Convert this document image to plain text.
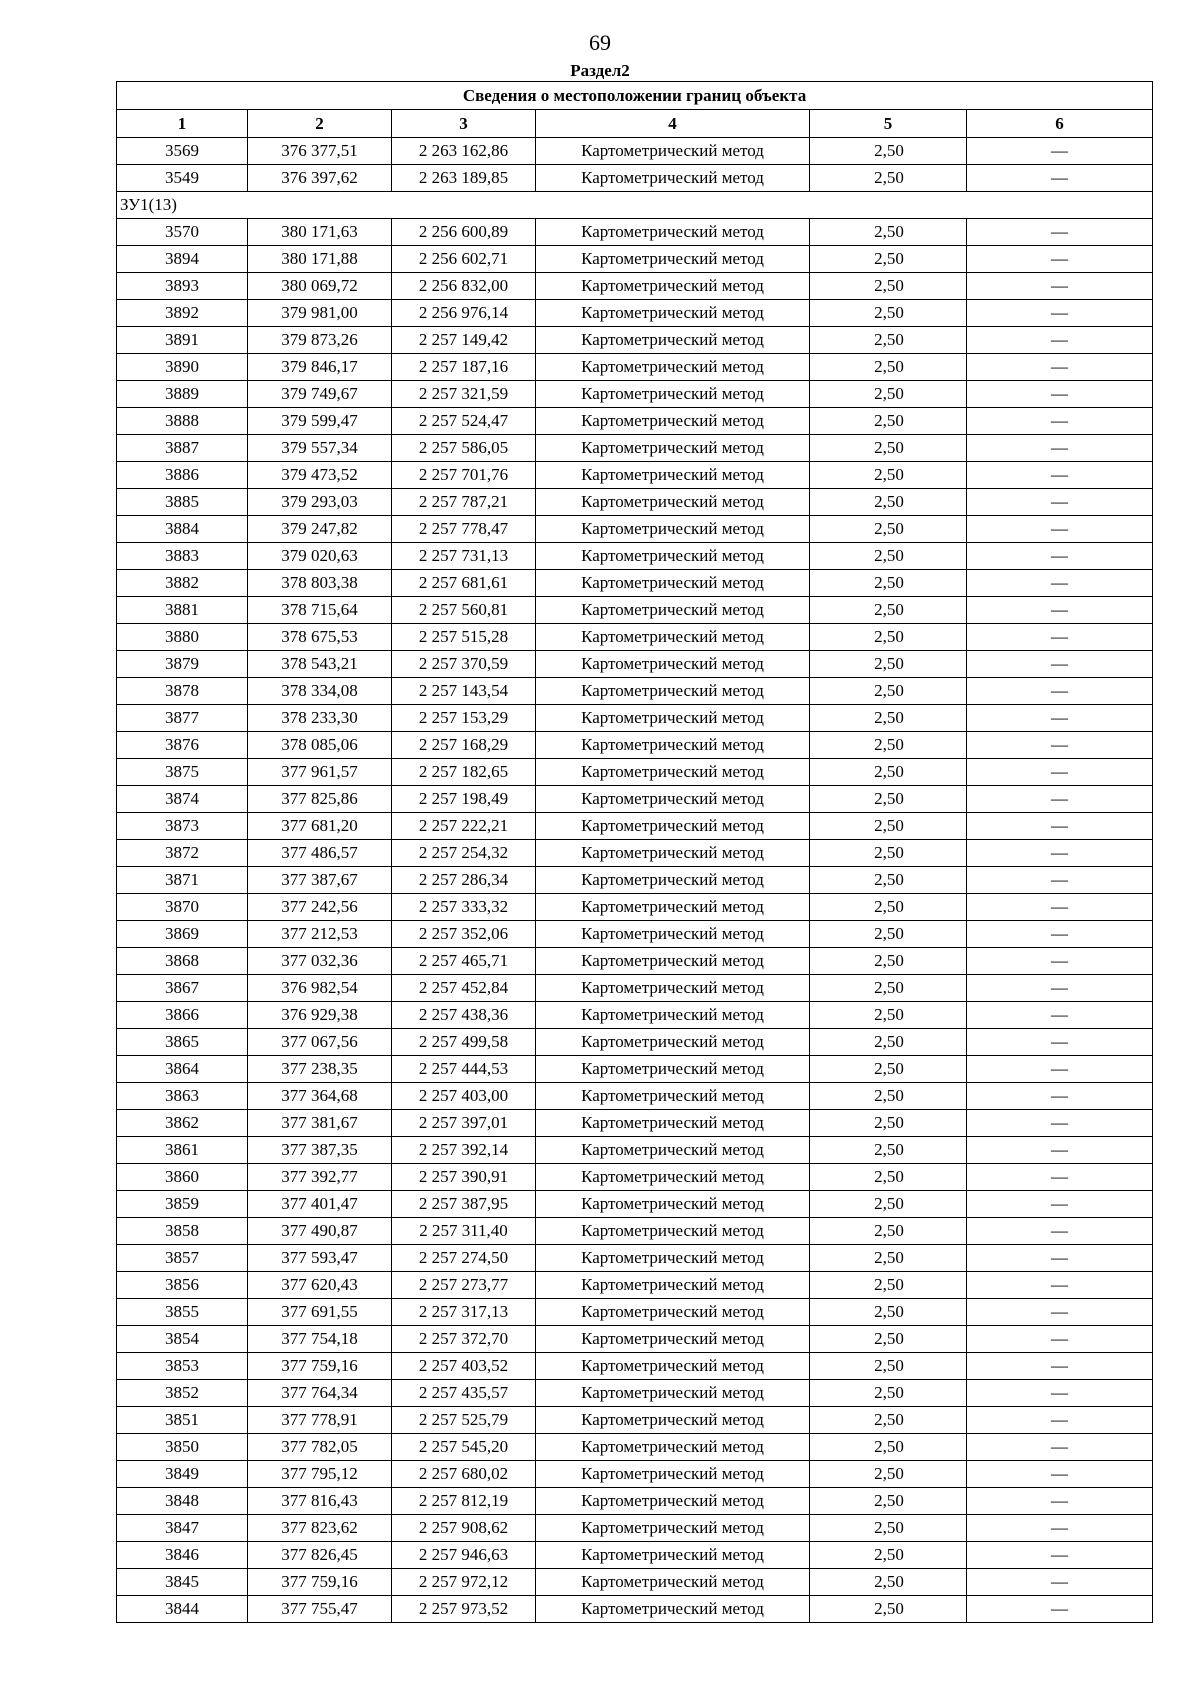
69
Раздел2
Сведения о местоположении границ объекта					
1	2	3	4	5	6
3569	376 377,51	2 263 162,86	Картометрический метод	2,50	—
3549	376 397,62	2 263 189,85	Картометрический метод	2,50	—
ЗУ1(13)					
3570	380 171,63	2 256 600,89	Картометрический метод	2,50	—
3894	380 171,88	2 256 602,71	Картометрический метод	2,50	—
3893	380 069,72	2 256 832,00	Картометрический метод	2,50	—
3892	379 981,00	2 256 976,14	Картометрический метод	2,50	—
3891	379 873,26	2 257 149,42	Картометрический метод	2,50	—
3890	379 846,17	2 257 187,16	Картометрический метод	2,50	—
3889	379 749,67	2 257 321,59	Картометрический метод	2,50	—
3888	379 599,47	2 257 524,47	Картометрический метод	2,50	—
3887	379 557,34	2 257 586,05	Картометрический метод	2,50	—
3886	379 473,52	2 257 701,76	Картометрический метод	2,50	—
3885	379 293,03	2 257 787,21	Картометрический метод	2,50	—
3884	379 247,82	2 257 778,47	Картометрический метод	2,50	—
3883	379 020,63	2 257 731,13	Картометрический метод	2,50	—
3882	378 803,38	2 257 681,61	Картометрический метод	2,50	—
3881	378 715,64	2 257 560,81	Картометрический метод	2,50	—
3880	378 675,53	2 257 515,28	Картометрический метод	2,50	—
3879	378 543,21	2 257 370,59	Картометрический метод	2,50	—
3878	378 334,08	2 257 143,54	Картометрический метод	2,50	—
3877	378 233,30	2 257 153,29	Картометрический метод	2,50	—
3876	378 085,06	2 257 168,29	Картометрический метод	2,50	—
3875	377 961,57	2 257 182,65	Картометрический метод	2,50	—
3874	377 825,86	2 257 198,49	Картометрический метод	2,50	—
3873	377 681,20	2 257 222,21	Картометрический метод	2,50	—
3872	377 486,57	2 257 254,32	Картометрический метод	2,50	—
3871	377 387,67	2 257 286,34	Картометрический метод	2,50	—
3870	377 242,56	2 257 333,32	Картометрический метод	2,50	—
3869	377 212,53	2 257 352,06	Картометрический метод	2,50	—
3868	377 032,36	2 257 465,71	Картометрический метод	2,50	—
3867	376 982,54	2 257 452,84	Картометрический метод	2,50	—
3866	376 929,38	2 257 438,36	Картометрический метод	2,50	—
3865	377 067,56	2 257 499,58	Картометрический метод	2,50	—
3864	377 238,35	2 257 444,53	Картометрический метод	2,50	—
3863	377 364,68	2 257 403,00	Картометрический метод	2,50	—
3862	377 381,67	2 257 397,01	Картометрический метод	2,50	—
3861	377 387,35	2 257 392,14	Картометрический метод	2,50	—
3860	377 392,77	2 257 390,91	Картометрический метод	2,50	—
3859	377 401,47	2 257 387,95	Картометрический метод	2,50	—
3858	377 490,87	2 257 311,40	Картометрический метод	2,50	—
3857	377 593,47	2 257 274,50	Картометрический метод	2,50	—
3856	377 620,43	2 257 273,77	Картометрический метод	2,50	—
3855	377 691,55	2 257 317,13	Картометрический метод	2,50	—
3854	377 754,18	2 257 372,70	Картометрический метод	2,50	—
3853	377 759,16	2 257 403,52	Картометрический метод	2,50	—
3852	377 764,34	2 257 435,57	Картометрический метод	2,50	—
3851	377 778,91	2 257 525,79	Картометрический метод	2,50	—
3850	377 782,05	2 257 545,20	Картометрический метод	2,50	—
3849	377 795,12	2 257 680,02	Картометрический метод	2,50	—
3848	377 816,43	2 257 812,19	Картометрический метод	2,50	—
3847	377 823,62	2 257 908,62	Картометрический метод	2,50	—
3846	377 826,45	2 257 946,63	Картометрический метод	2,50	—
3845	377 759,16	2 257 972,12	Картометрический метод	2,50	—
3844	377 755,47	2 257 973,52	Картометрический метод	2,50	—
